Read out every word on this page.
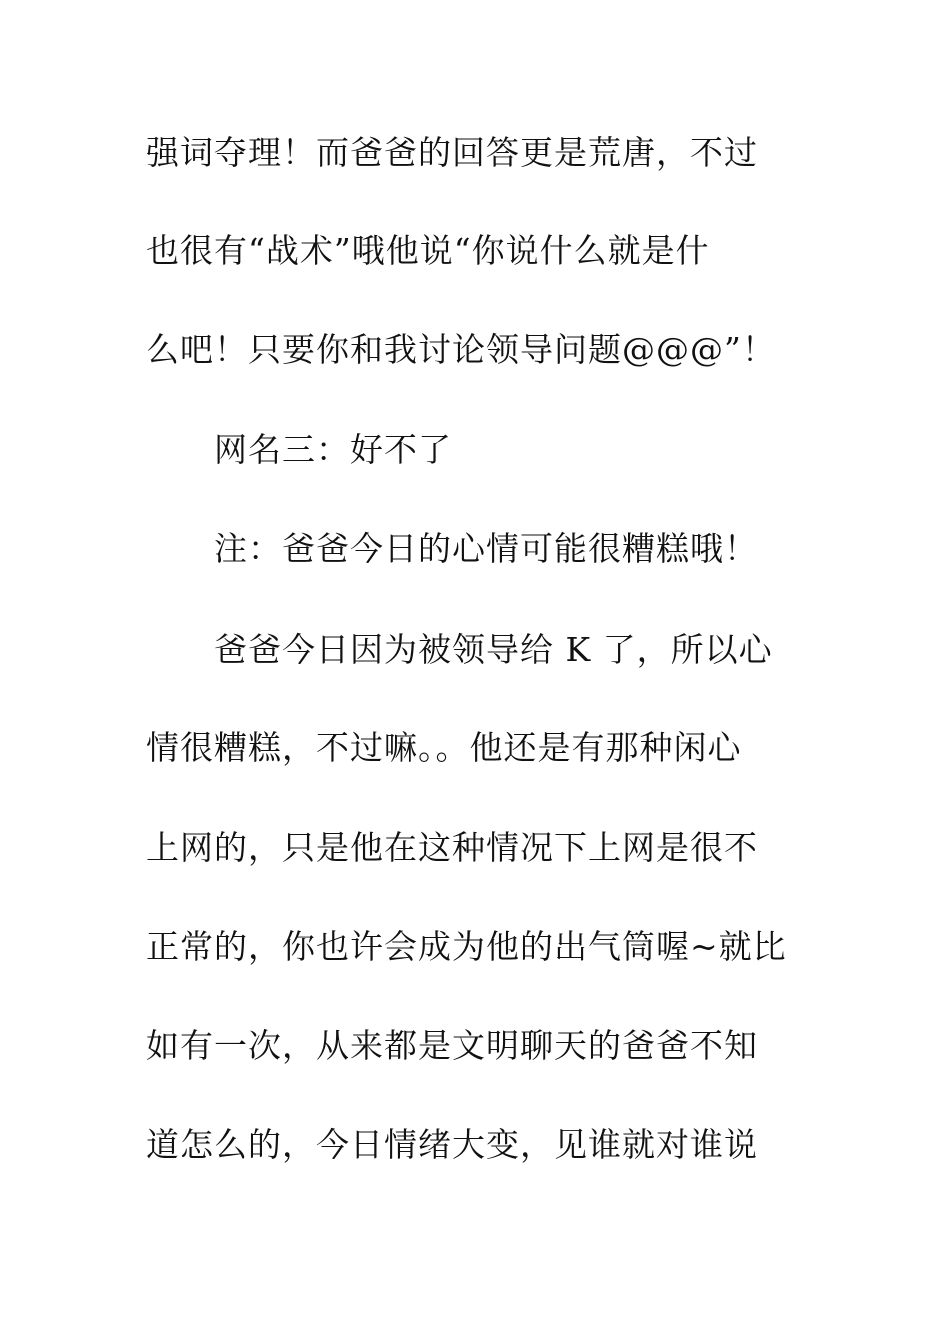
强词夺理！而爸爸的回答更是荒唐，不过
也很有“战术”哦他说“你说什么就是什
么吧！只要你和我讨论领导问题@@@”！
网名三：好不了
注：爸爸今日的心情可能很糟糕哦！
爸爸今日因为被领导给 K 了，所以心
情很糟糕，不过嘛。。他还是有那种闲心
上网的，只是他在这种情况下上网是很不
正常的，你也许会成为他的出气筒喔~就比
如有一次，从来都是文明聊天的爸爸不知
道怎么的，今日情绪大变，见谁就对谁说
